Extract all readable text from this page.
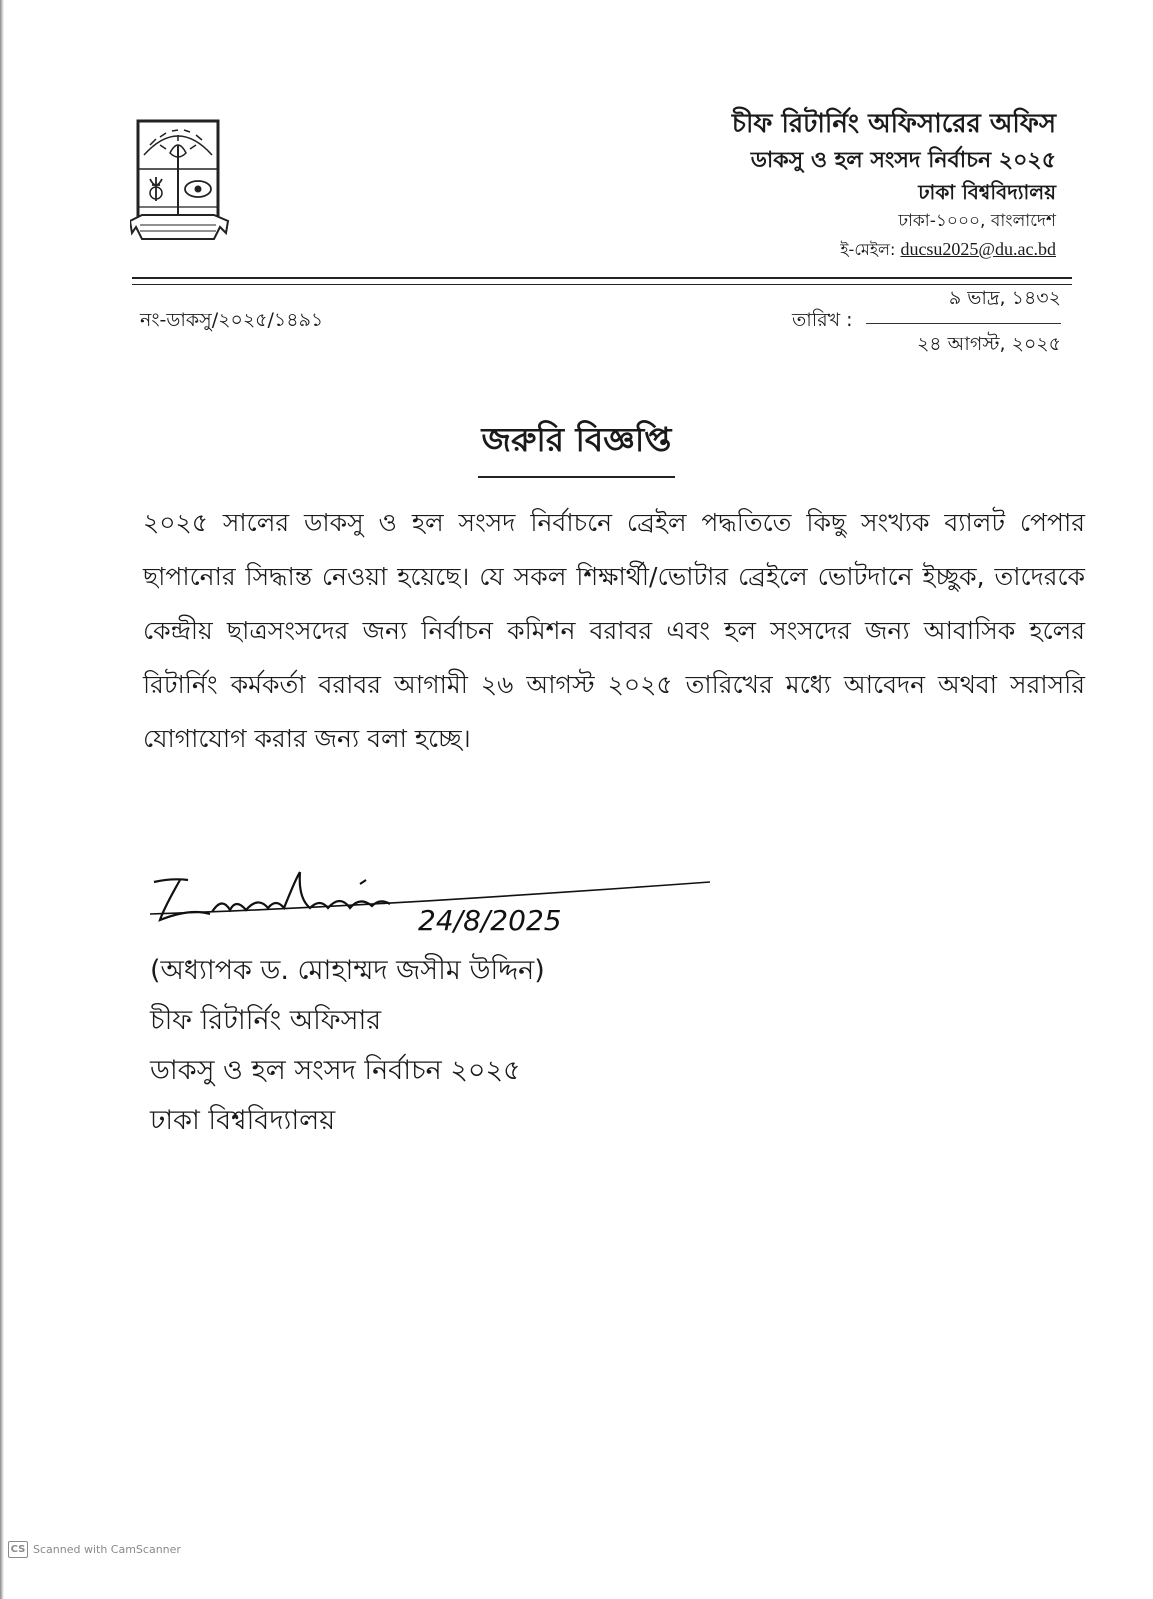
চীফ রিটার্নিং অফিসারের অফিস
ডাকসু ও হল সংসদ নির্বাচন ২০২৫
ঢাকা বিশ্ববিদ্যালয়
ঢাকা-১০০০, বাংলাদেশ
ই-মেইল: ducsu2025@du.ac.bd
নং-ডাকসু/২০২৫/১৪৯১	তারিখ :
৯ ভাদ্র, ১৪৩২
২৪ আগস্ট, ২০২৫
জরুরি বিজ্ঞপ্তি
২০২৫ সালের ডাকসু ও হল সংসদ নির্বাচনে ব্রেইল পদ্ধতিতে কিছু সংখ্যক ব্যালট পেপার ছাপানোর সিদ্ধান্ত নেওয়া হয়েছে। যে সকল শিক্ষার্থী/ভোটার ব্রেইলে ভোটদানে ইচ্ছুক, তাদেরকে কেন্দ্রীয় ছাত্রসংসদের জন্য নির্বাচন কমিশন বরাবর এবং হল সংসদের জন্য আবাসিক হলের রিটার্নিং কর্মকর্তা বরাবর আগামী ২৬ আগস্ট ২০২৫ তারিখের মধ্যে আবেদন অথবা সরাসরি যোগাযোগ করার জন্য বলা হচ্ছে।
24/8/2025
(অধ্যাপক ড. মোহাম্মদ জসীম উদ্দিন)
চীফ রিটার্নিং অফিসার
ডাকসু ও হল সংসদ নির্বাচন ২০২৫
ঢাকা বিশ্ববিদ্যালয়
CS Scanned with CamScanner
